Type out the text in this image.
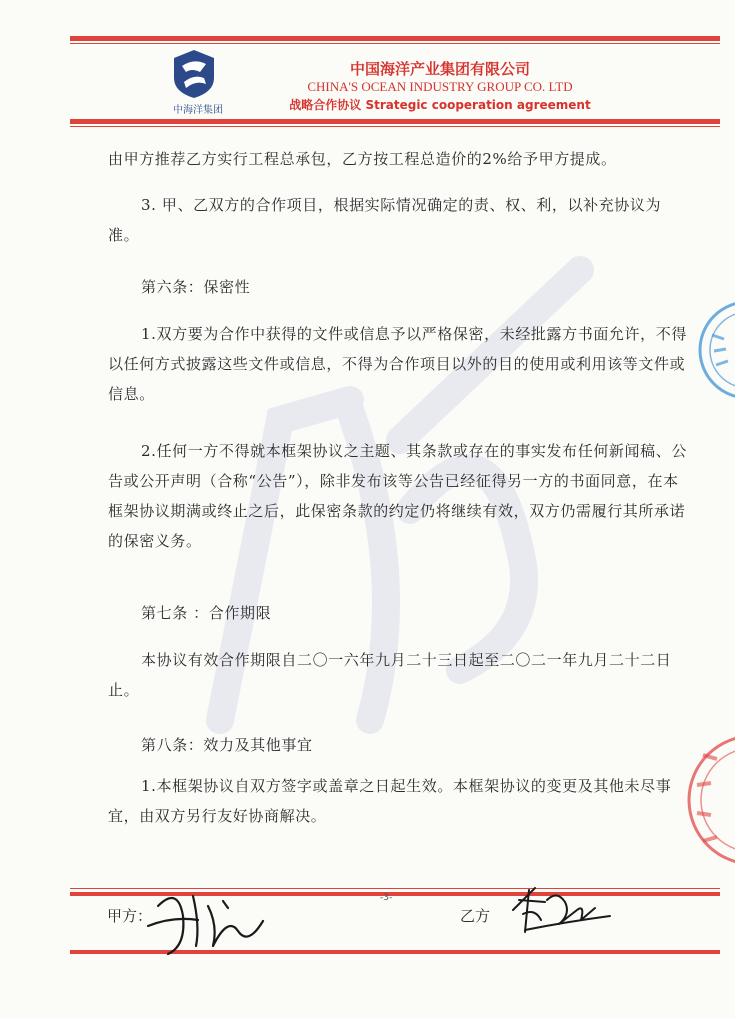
中海洋集团
中国海洋产业集团有限公司
CHINA'S OCEAN INDUSTRY GROUP CO. LTD
战略合作协议 Strategic cooperation agreement
由甲方推荐乙方实行工程总承包，乙方按工程总造价的2%给予甲方提成。
3. 甲、乙双方的合作项目，根据实际情况确定的责、权、利，以补充协议为准。
第六条：保密性
1.双方要为合作中获得的文件或信息予以严格保密，未经批露方书面允许，不得以任何方式披露这些文件或信息，不得为合作项目以外的目的使用或利用该等文件或信息。
2.任何一方不得就本框架协议之主题、其条款或存在的事实发布任何新闻稿、公告或公开声明（合称“公告”），除非发布该等公告已经征得另一方的书面同意，在本框架协议期满或终止之后，此保密条款的约定仍将继续有效，双方仍需履行其所承诺的保密义务。
第七条 ：合作期限
本协议有效合作期限自二〇一六年九月二十三日起至二〇二一年九月二十二日止。
第八条：效力及其他事宜
1.本框架协议自双方签字或盖章之日起生效。本框架协议的变更及其他未尽事宜，由双方另行友好协商解决。
-3-
甲方：	乙方
